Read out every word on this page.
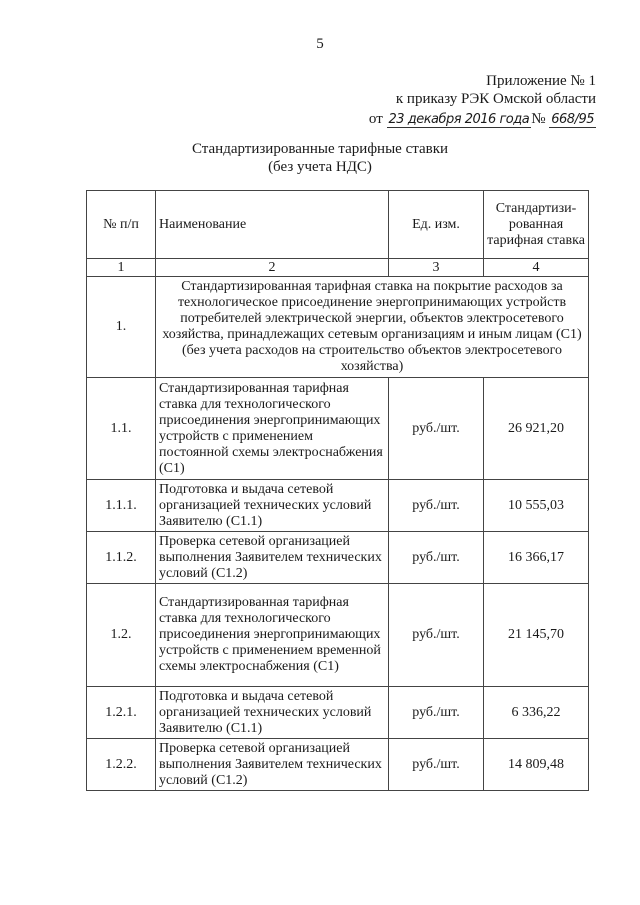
5
Приложение № 1
к приказу РЭК Омской области
от 23 декабря 2016 года № 668/95
Стандартизированные тарифные ставки
(без учета НДС)
№ п/п	Наименование	Ед. изм.	Стандартизи-рованная тарифная ставка
1	2	3	4
1.	Стандартизированная тарифная ставка на покрытие расходов за технологическое присоединение энергопринимающих устройств потребителей электрической энергии, объектов электросетевого хозяйства, принадлежащих сетевым организациям и иным лицам (С1) (без учета расходов на строительство объектов электросетевого хозяйства)		
1.1.	Стандартизированная тарифная ставка для технологического присоединения энергопринимающих устройств с применением постоянной схемы электроснабжения (С1)	руб./шт.	26 921,20
1.1.1.	Подготовка и выдача сетевой организацией технических условий Заявителю (С1.1)	руб./шт.	10 555,03
1.1.2.	Проверка сетевой организацией выполнения Заявителем технических условий (С1.2)	руб./шт.	16 366,17
1.2.	Стандартизированная тарифная ставка для технологического присоединения энергопринимающих устройств с применением временной схемы электроснабжения (С1)	руб./шт.	21 145,70
1.2.1.	Подготовка и выдача сетевой организацией технических условий Заявителю (С1.1)	руб./шт.	6 336,22
1.2.2.	Проверка сетевой организацией выполнения Заявителем технических условий (С1.2)	руб./шт.	14 809,48
